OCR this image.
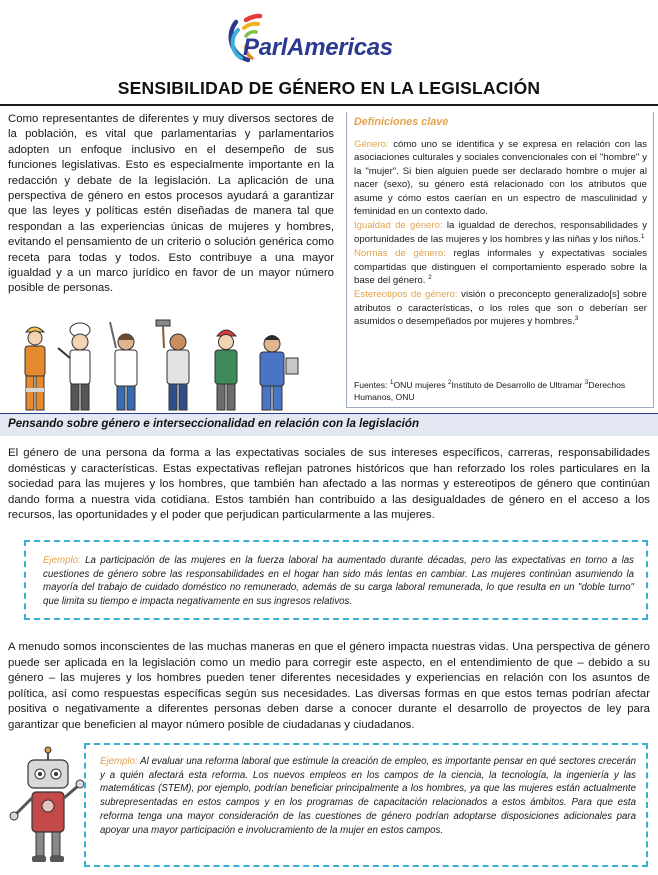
ParlAmericas
SENSIBILIDAD DE GÉNERO EN LA LEGISLACIÓN
Como representantes de diferentes y muy diversos sectores de la población, es vital que parlamentarias y parlamentarios adopten un enfoque inclusivo en el desempeño de sus funciones legislativas. Esto es especialmente importante en la redacción y debate de la legislación. La aplicación de una perspectiva de género en estos procesos ayudará a garantizar que las leyes y políticas estén diseñadas de manera tal que respondan a las experiencias únicas de mujeres y hombres, evitando el pensamiento de un criterio o solución genérica como receta para todas y todos. Esto contribuye a una mayor igualdad y a un marco jurídico en favor de un mayor número posible de personas.
Definiciones clave
Género: cómo uno se identifica y se expresa en relación con las asociaciones culturales y sociales convencionales con el "hombre" y la "mujer". Si bien alguien puede ser declarado hombre o mujer al nacer (sexo), su género está relacionado con los atributos que asume y cómo estos caerían en un espectro de masculinidad y feminidad en un contexto dado.
Igualdad de género: la igualdad de derechos, responsabilidades y oportunidades de las mujeres y los hombres y las niñas y los niños.$^1$
Normas de género: reglas informales y expectativas sociales compartidas que distinguen el comportamiento esperado sobre la base del género. $^2$
Estereotipos de género: visión o preconcepto generalizado[s] sobre atributos o características, o los roles que son o deberían ser asumidos o desempeñados por mujeres y hombres.$^3$
Fuentes: $^1$ONU mujeres $^2$Instituto de Desarrollo de Ultramar $^3$Derechos Humanos, ONU
Pensando sobre género e interseccionalidad en relación con la legislación
El género de una persona da forma a las expectativas sociales de sus intereses específicos, carreras, responsabilidades domésticas y características. Estas expectativas reflejan patrones históricos que han reforzado los roles particulares en la sociedad para las mujeres y los hombres, que también han afectado a las normas y estereotipos de género que continúan dando forma a nuestra vida cotidiana. Estos también han contribuido a las desigualdades de género en el acceso a los recursos, las oportunidades y el poder que perjudican particularmente a las mujeres.
Ejemplo: La participación de las mujeres en la fuerza laboral ha aumentado durante décadas, pero las expectativas en torno a las cuestiones de género sobre las responsabilidades en el hogar han sido más lentas en cambiar. Las mujeres continúan asumiendo la mayoría del trabajo de cuidado doméstico no remunerado, además de su carga laboral remunerada, lo que resulta en un "doble turno" que limita su tiempo e impacta negativamente en sus ingresos relativos.
A menudo somos inconscientes de las muchas maneras en que el género impacta nuestras vidas. Una perspectiva de género puede ser aplicada en la legislación como un medio para corregir este aspecto, en el entendimiento de que – debido a su género – las mujeres y los hombres pueden tener diferentes necesidades y experiencias en relación con los asuntos de política, así como respuestas específicas según sus necesidades. Las diversas formas en que estos temas podrían afectar positiva o negativamente a diferentes personas deben darse a conocer durante el desarrollo de proyectos de ley para garantizar que beneficien al mayor número posible de ciudadanas y ciudadanos.
Ejemplo: Al evaluar una reforma laboral que estimule la creación de empleo, es importante pensar en qué sectores crecerán y a quién afectará esta reforma. Los nuevos empleos en los campos de la ciencia, la tecnología, la ingeniería y las matemáticas (STEM), por ejemplo, podrían beneficiar principalmente a los hombres, ya que las mujeres están actualmente subrepresentadas en estos campos y en los programas de capacitación relacionados a estos ámbitos. Para que esta reforma tenga una mayor consideración de las cuestiones de género podrían adoptarse disposiciones adicionales para apoyar una mayor participación e involucramiento de la mujer en estos campos.
